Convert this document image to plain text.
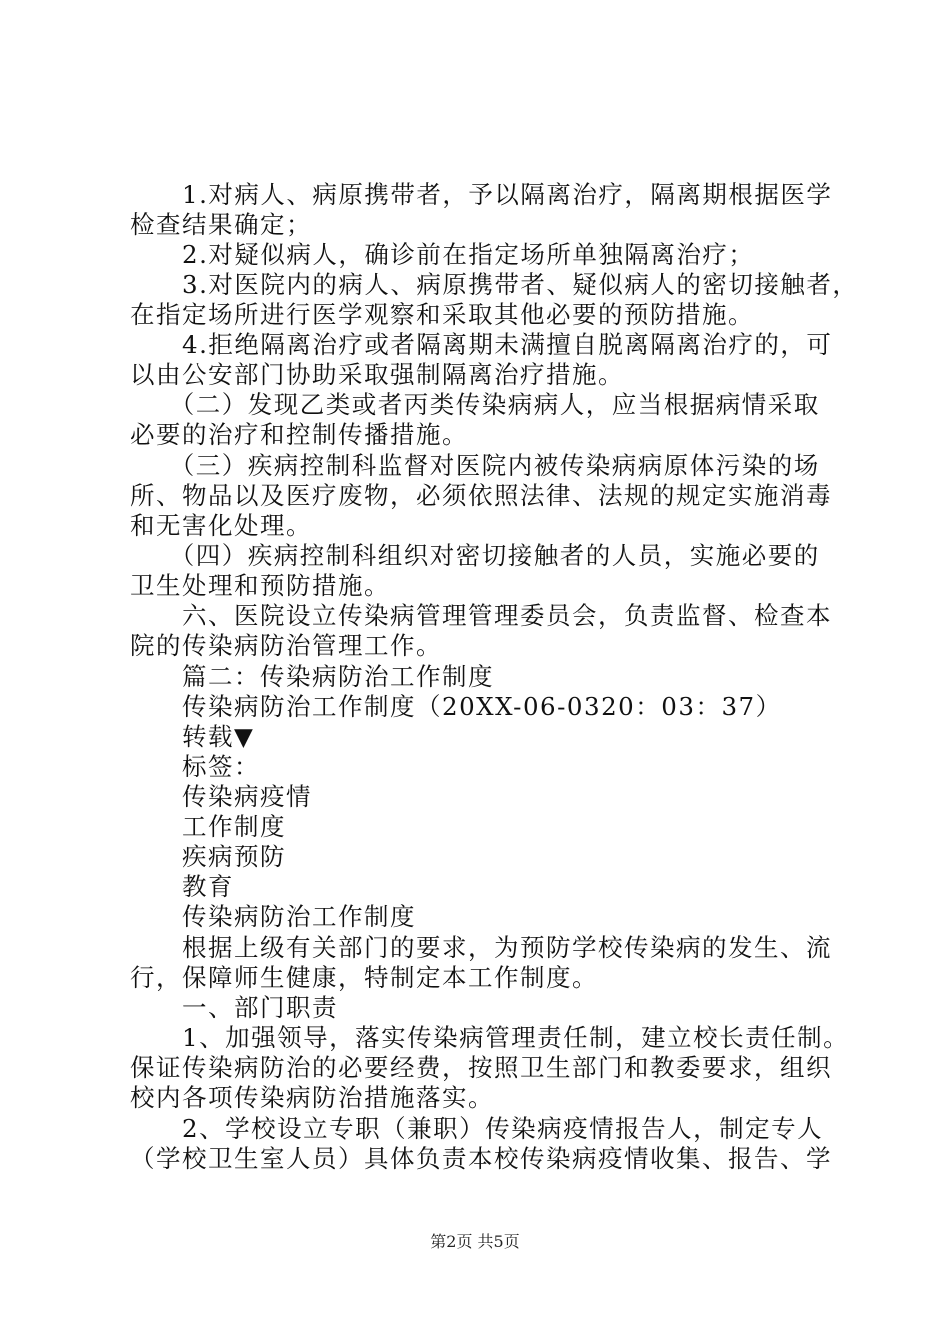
　　1.对病人、病原携带者，予以隔离治疗，隔离期根据医学
检查结果确定；
　　2.对疑似病人，确诊前在指定场所单独隔离治疗；
　　3.对医院内的病人、病原携带者、疑似病人的密切接触者，
在指定场所进行医学观察和采取其他必要的预防措施。
　　4.拒绝隔离治疗或者隔离期未满擅自脱离隔离治疗的，可
以由公安部门协助采取强制隔离治疗措施。
　　（二）发现乙类或者丙类传染病病人，应当根据病情采取
必要的治疗和控制传播措施。
　　（三）疾病控制科监督对医院内被传染病病原体污染的场
所、物品以及医疗废物，必须依照法律、法规的规定实施消毒
和无害化处理。
　　（四）疾病控制科组织对密切接触者的人员，实施必要的
卫生处理和预防措施。
　　六、医院设立传染病管理管理委员会，负责监督、检查本
院的传染病防治管理工作。
　　篇二：传染病防治工作制度
　　传染病防治工作制度（20XX-06-0320：03：37）
　　转载▼
　　标签：
　　传染病疫情
　　工作制度
　　疾病预防
　　教育
　　传染病防治工作制度
　　根据上级有关部门的要求，为预防学校传染病的发生、流
行，保障师生健康，特制定本工作制度。
　　一、部门职责
　　1、加强领导，落实传染病管理责任制，建立校长责任制。
保证传染病防治的必要经费，按照卫生部门和教委要求，组织
校内各项传染病防治措施落实。
　　2、学校设立专职（兼职）传染病疫情报告人，制定专人
（学校卫生室人员）具体负责本校传染病疫情收集、报告、学
第2页 共5页
